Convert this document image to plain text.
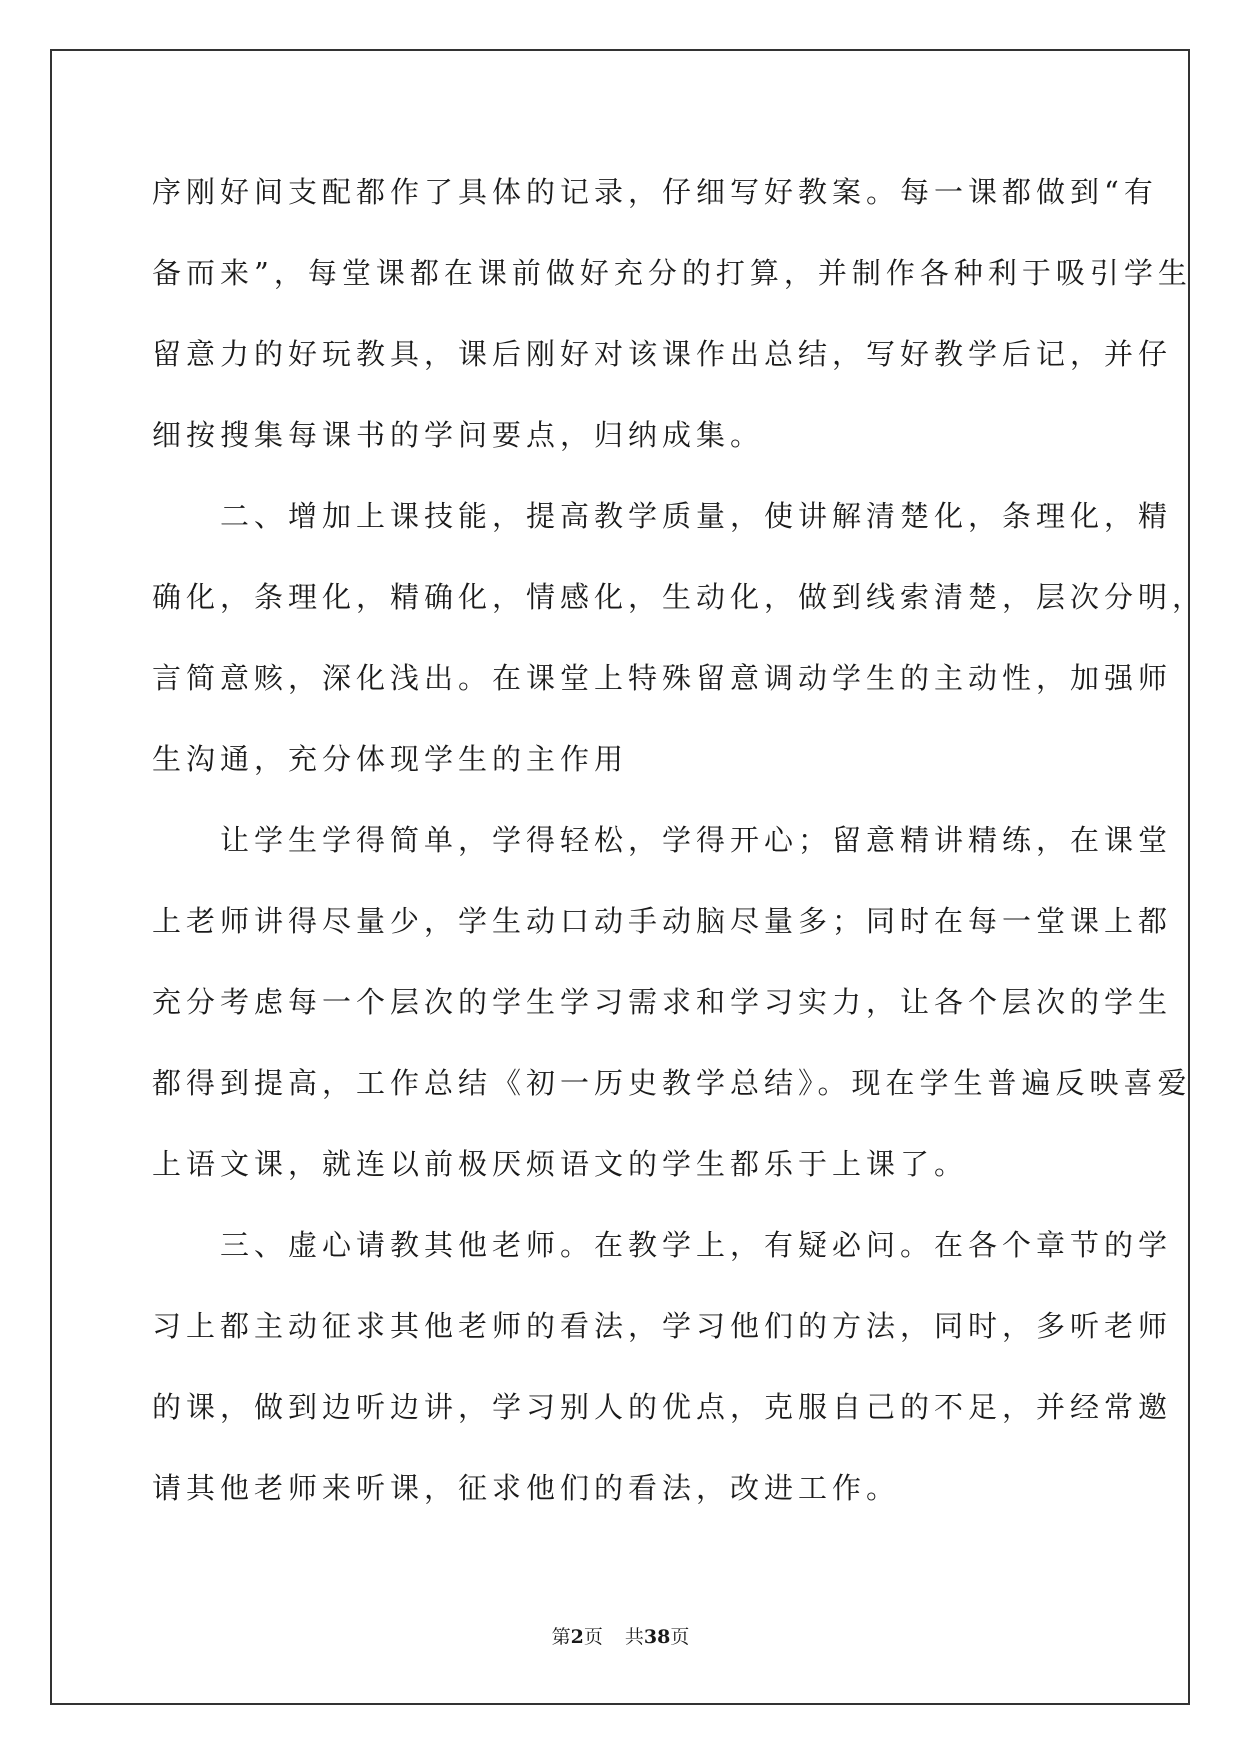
序刚好间支配都作了具体的记录，仔细写好教案。每一课都做到“有
备而来”，每堂课都在课前做好充分的打算，并制作各种利于吸引学生
留意力的好玩教具，课后刚好对该课作出总结，写好教学后记，并仔
细按搜集每课书的学问要点，归纳成集。
　　二、增加上课技能，提高教学质量，使讲解清楚化，条理化，精
确化，条理化，精确化，情感化，生动化，做到线索清楚，层次分明，
言简意赅，深化浅出。在课堂上特殊留意调动学生的主动性，加强师
生沟通，充分体现学生的主作用
　　让学生学得简单，学得轻松，学得开心；留意精讲精练，在课堂
上老师讲得尽量少，学生动口动手动脑尽量多；同时在每一堂课上都
充分考虑每一个层次的学生学习需求和学习实力，让各个层次的学生
都得到提高，工作总结《初一历史教学总结》。现在学生普遍反映喜爱
上语文课，就连以前极厌烦语文的学生都乐于上课了。
　　三、虚心请教其他老师。在教学上，有疑必问。在各个章节的学
习上都主动征求其他老师的看法，学习他们的方法，同时，多听老师
的课，做到边听边讲，学习别人的优点，克服自己的不足，并经常邀
请其他老师来听课，征求他们的看法，改进工作。
第2页 共38页
